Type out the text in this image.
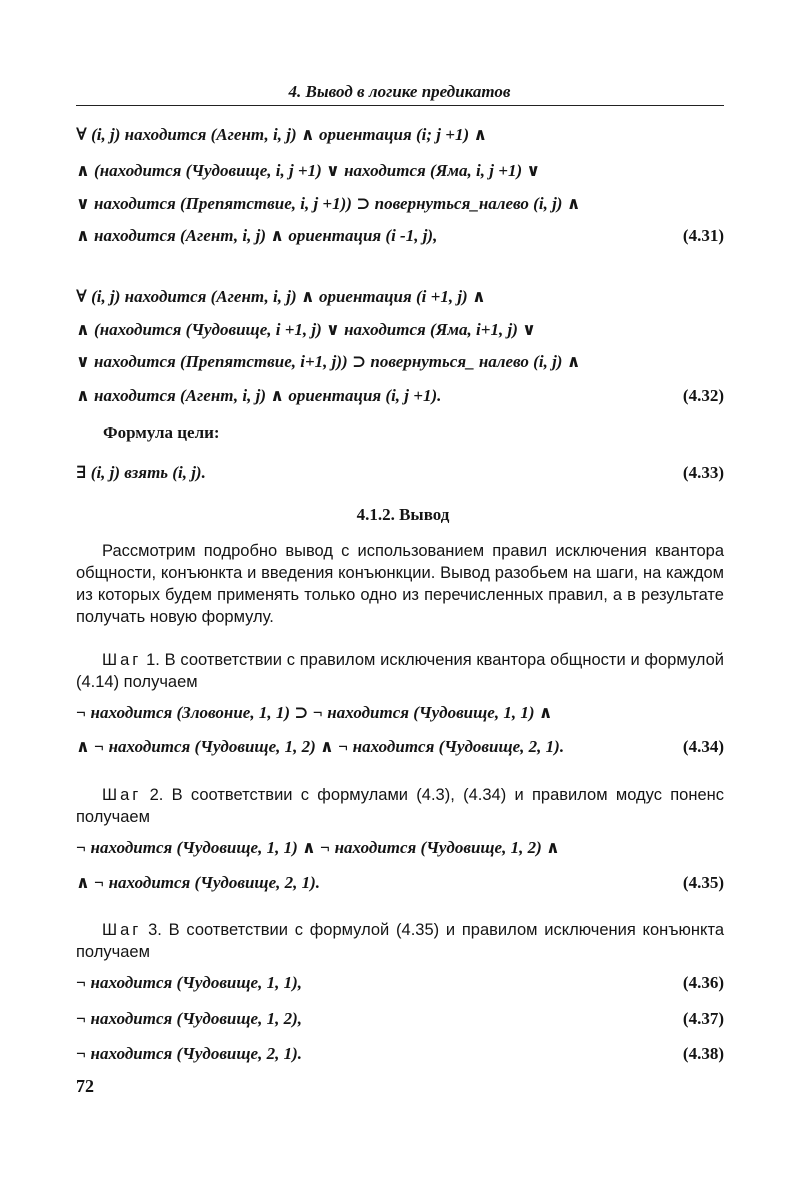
4. Вывод в логике предикатов
∀ (i, j) находится (Агент, i, j) ∧ ориентация (i; j +1) ∧
∧ (находится (Чудовище, i, j +1) ∨ находится (Яма, i, j +1) ∨
∨ находится (Препятствие, i, j +1)) ⊃ повернуться_налево (i, j) ∧
∧ находится (Агент, i, j) ∧ ориентация (i -1, j),	(4.31)
∀ (i, j) находится (Агент, i, j) ∧ ориентация (i +1, j) ∧
∧ (находится (Чудовище, i +1, j) ∨ находится (Яма, i+1, j) ∨
∨ находится (Препятствие, i+1, j)) ⊃ повернуться_ налево (i, j) ∧
∧ находится (Агент, i, j) ∧ ориентация (i, j +1).	(4.32)
Формула цели:
∃ (i, j) взять (i, j).	(4.33)
4.1.2. Вывод
Рассмотрим подробно вывод с использованием правил исключения квантора общности, конъюнкта и введения конъюнкции. Вывод разобьем на шаги, на каждом из которых будем применять только одно из перечисленных правил, а в результате получать новую формулу.
Шаг 1. В соответствии с правилом исключения квантора общности и формулой (4.14) получаем
¬ находится (Зловоние, 1, 1) ⊃ ¬ находится (Чудовище, 1, 1) ∧
∧ ¬ находится (Чудовище, 1, 2) ∧ ¬ находится (Чудовище, 2, 1).	(4.34)
Шаг 2. В соответствии с формулами (4.3), (4.34) и правилом модус поненс получаем
¬ находится (Чудовище, 1, 1) ∧ ¬ находится (Чудовище, 1, 2) ∧
∧ ¬ находится (Чудовище, 2, 1).	(4.35)
Шаг 3. В соответствии с формулой (4.35) и правилом исключения конъюнкта получаем
¬ находится (Чудовище, 1, 1),	(4.36)
¬ находится (Чудовище, 1, 2),	(4.37)
¬ находится (Чудовище, 2, 1).	(4.38)
72
